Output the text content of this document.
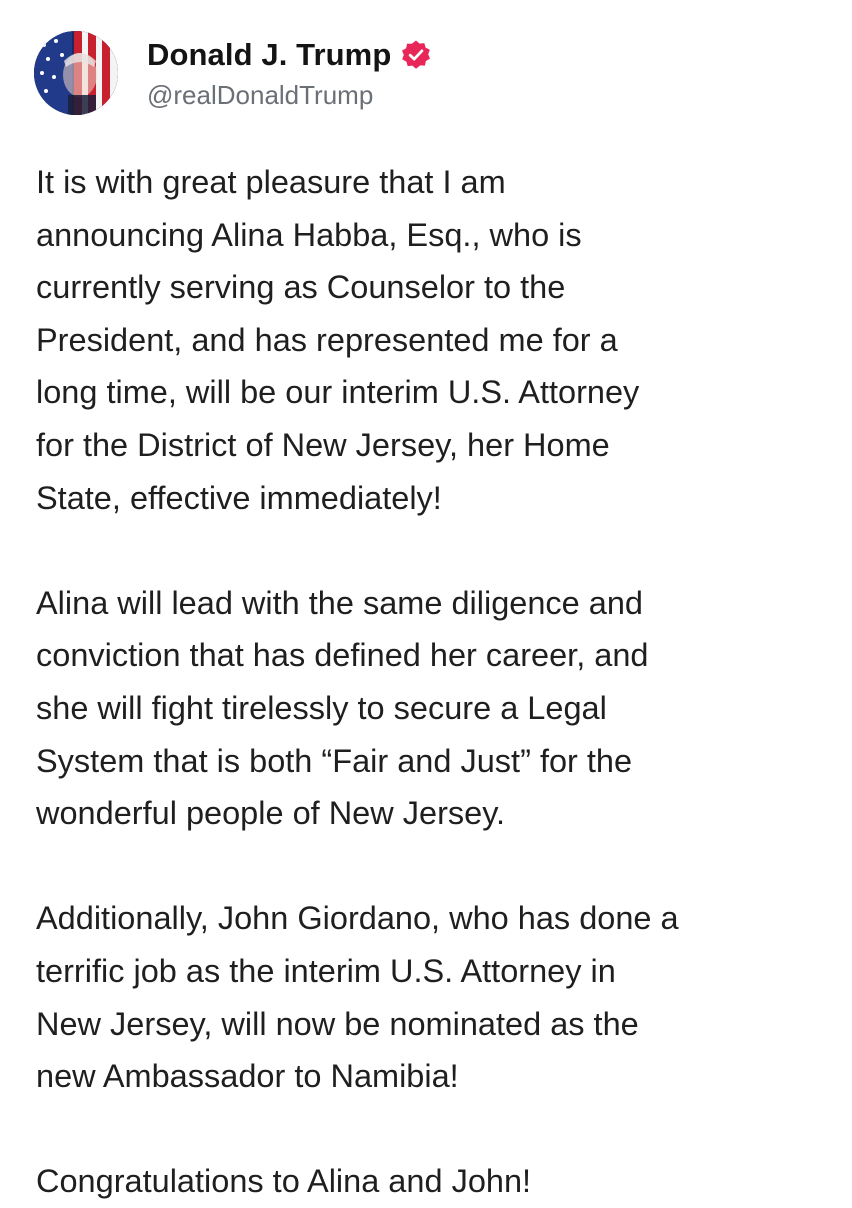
Donald J. Trump
@realDonaldTrump

It is with great pleasure that I am
announcing Alina Habba, Esq., who is
currently serving as Counselor to the
President, and has represented me for a
long time, will be our interim U.S. Attorney
for the District of New Jersey, her Home
State, effective immediately!

Alina will lead with the same diligence and
conviction that has defined her career, and
she will fight tirelessly to secure a Legal
System that is both “Fair and Just” for the
wonderful people of New Jersey.

Additionally, John Giordano, who has done a
terrific job as the interim U.S. Attorney in
New Jersey, will now be nominated as the
new Ambassador to Namibia!

Congratulations to Alina and John!
